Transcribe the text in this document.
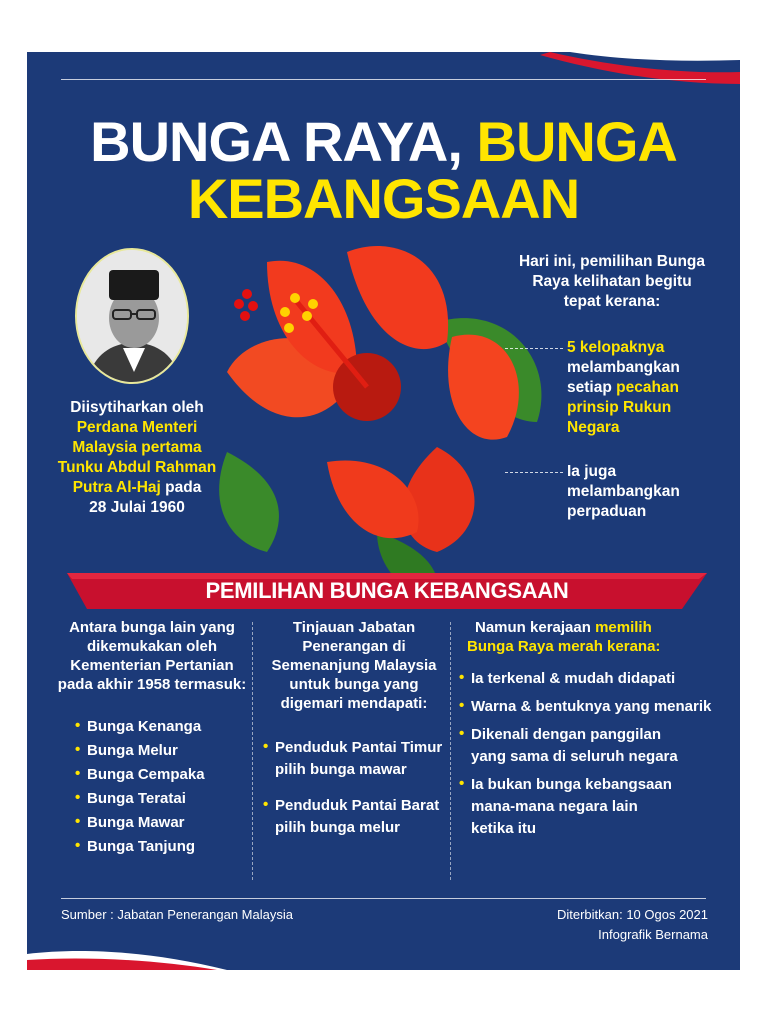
BUNGA RAYA, BUNGA
KEBANGSAAN
Diisytiharkan oleh
Perdana Menteri
Malaysia pertama
Tunku Abdul Rahman
Putra Al-Haj pada
28 Julai 1960
Hari ini, pemilihan Bunga
Raya kelihatan begitu
tepat kerana:
5 kelopaknya
melambangkan
setiap pecahan
prinsip Rukun
Negara
Ia juga
melambangkan
perpaduan
PEMILIHAN BUNGA KEBANGSAAN
Antara bunga lain yang
dikemukakan oleh
Kementerian Pertanian
pada akhir 1958 termasuk:
• Bunga Kenanga
• Bunga Melur
• Bunga Cempaka
• Bunga Teratai
• Bunga Mawar
• Bunga Tanjung
Tinjauan Jabatan
Penerangan di
Semenanjung Malaysia
untuk bunga yang
digemari mendapati:
• Penduduk Pantai Timur
pilih bunga mawar
• Penduduk Pantai Barat
pilih bunga melur
Namun kerajaan memilih
Bunga Raya merah kerana:
• Ia terkenal & mudah didapati
• Warna & bentuknya yang menarik
• Dikenali dengan panggilan
yang sama di seluruh negara
• Ia bukan bunga kebangsaan
mana-mana negara lain
ketika itu
Sumber : Jabatan Penerangan Malaysia	Diterbitkan: 10 Ogos 2021
Infografik Bernama
